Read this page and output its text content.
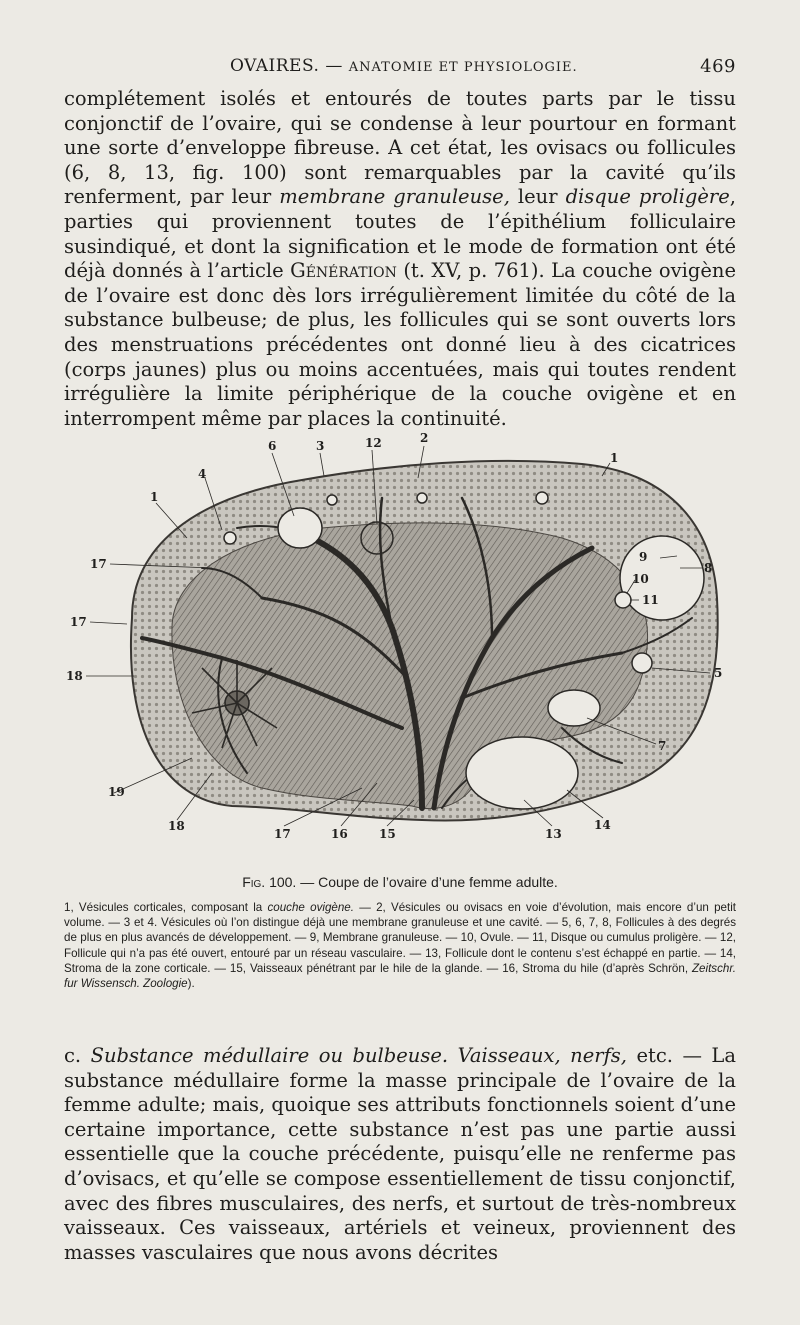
OVAIRES. — ANATOMIE ET PHYSIOLOGIE.	469

complétement isolés et entourés de toutes parts par le tissu conjonctif de l’ovaire, qui se condense à leur pourtour en formant une sorte d’enveloppe fibreuse. A cet état, les ovisacs ou follicules (6, 8, 13, fig. 100) sont remarquables par la cavité qu’ils renferment, par leur membrane granuleuse, leur disque proligère, parties qui proviennent toutes de l’épithélium folliculaire susindiqué, et dont la signification et le mode de formation ont été déjà donnés à l’article Génération (t. XV, p. 761). La couche ovigène de l’ovaire est donc dès lors irrégulièrement limitée du côté de la substance bulbeuse; de plus, les follicules qui se sont ouverts lors des menstruations précédentes ont donné lieu à des cicatrices (corps jaunes) plus ou moins accentuées, mais qui toutes rendent irrégulière la limite périphérique de la couche ovigène et en interrompent même par places la continuité.

6	3	12	2
1
4
1
17	9
8
10
11
17
18	5
7
19
18
17	16	15	13
14
Fig. 100. — Coupe de l’ovaire d’une femme adulte.

1, Vésicules corticales, composant la couche ovigène. — 2, Vésicules ou ovisacs en voie d’évolution, mais encore d’un petit volume. — 3 et 4. Vésicules où l’on distingue déjà une membrane granuleuse et une cavité. — 5, 6, 7, 8, Follicules à des degrés de plus en plus avancés de développement. — 9, Membrane granuleuse. — 10, Ovule. — 11, Disque ou cumulus proligère. — 12, Follicule qui n’a pas été ouvert, entouré par un réseau vasculaire. — 13, Follicule dont le contenu s’est échappé en partie. — 14, Stroma de la zone corticale. — 15, Vaisseaux pénétrant par le hile de la glande. — 16, Stroma du hile (d’après Schrön, Zeitschr. fur Wissensch. Zoologie).

c. Substance médullaire ou bulbeuse. Vaisseaux, nerfs, etc. — La substance médullaire forme la masse principale de l’ovaire de la femme adulte; mais, quoique ses attributs fonctionnels soient d’une certaine importance, cette substance n’est pas une partie aussi essentielle que la couche précédente, puisqu’elle ne renferme pas d’ovisacs, et qu’elle se compose essentiellement de tissu conjonctif, avec des fibres musculaires, des nerfs, et surtout de très-nombreux vaisseaux. Ces vaisseaux, artériels et veineux, proviennent des masses vasculaires que nous avons décrites
